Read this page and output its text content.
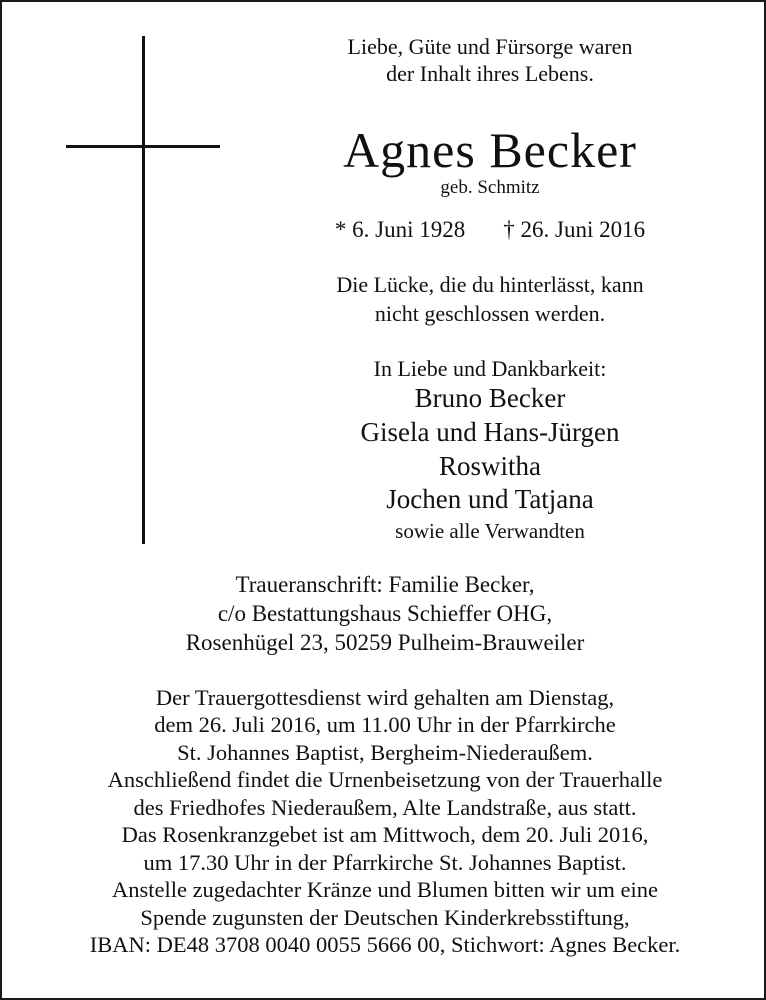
Liebe, Güte und Fürsorge waren
der Inhalt ihres Lebens.
Agnes Becker
geb. Schmitz
* 6. Juni 1928 † 26. Juni 2016
Die Lücke, die du hinterlässt, kann
nicht geschlossen werden.
In Liebe und Dankbarkeit:
Bruno Becker
Gisela und Hans-Jürgen
Roswitha
Jochen und Tatjana
sowie alle Verwandten
Traueranschrift: Familie Becker,
c/o Bestattungshaus Schieffer OHG,
Rosenhügel 23, 50259 Pulheim-Brauweiler
Der Trauergottesdienst wird gehalten am Dienstag,
dem 26. Juli 2016, um 11.00 Uhr in der Pfarrkirche
St. Johannes Baptist, Bergheim-Niederaußem.
Anschließend findet die Urnenbeisetzung von der Trauerhalle
des Friedhofes Niederaußem, Alte Landstraße, aus statt.
Das Rosenkranzgebet ist am Mittwoch, dem 20. Juli 2016,
um 17.30 Uhr in der Pfarrkirche St. Johannes Baptist.
Anstelle zugedachter Kränze und Blumen bitten wir um eine
Spende zugunsten der Deutschen Kinderkrebsstiftung,
IBAN: DE48 3708 0040 0055 5666 00, Stichwort: Agnes Becker.
